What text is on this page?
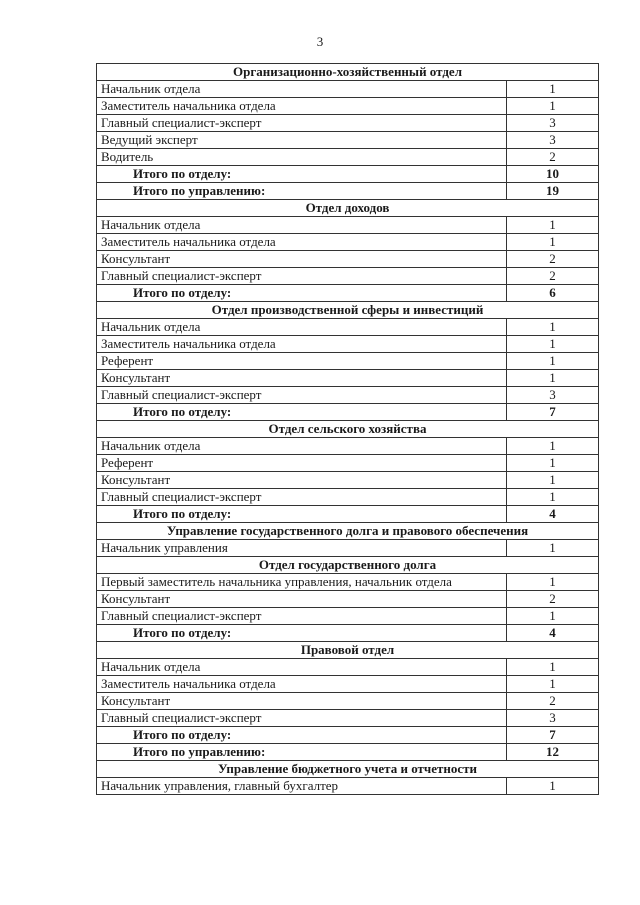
3
Организационно-хозяйственный отдел	
Начальник отдела	1
Заместитель начальника отдела	1
Главный специалист-эксперт	3
Ведущий эксперт	3
Водитель	2
Итого по отделу:	10
Итого по управлению:	19
Отдел доходов	
Начальник отдела	1
Заместитель начальника отдела	1
Консультант	2
Главный специалист-эксперт	2
Итого по отделу:	6
Отдел производственной сферы и инвестиций	
Начальник отдела	1
Заместитель начальника отдела	1
Референт	1
Консультант	1
Главный специалист-эксперт	3
Итого по отделу:	7
Отдел сельского хозяйства	
Начальник отдела	1
Референт	1
Консультант	1
Главный специалист-эксперт	1
Итого по отделу:	4
Управление государственного долга и правового обеспечения	
Начальник управления	1
Отдел государственного долга	
Первый заместитель начальника управления, начальник отдела	1
Консультант	2
Главный специалист-эксперт	1
Итого по отделу:	4
Правовой отдел	
Начальник отдела	1
Заместитель начальника отдела	1
Консультант	2
Главный специалист-эксперт	3
Итого по отделу:	7
Итого по управлению:	12
Управление бюджетного учета и отчетности	
Начальник управления, главный бухгалтер	1
